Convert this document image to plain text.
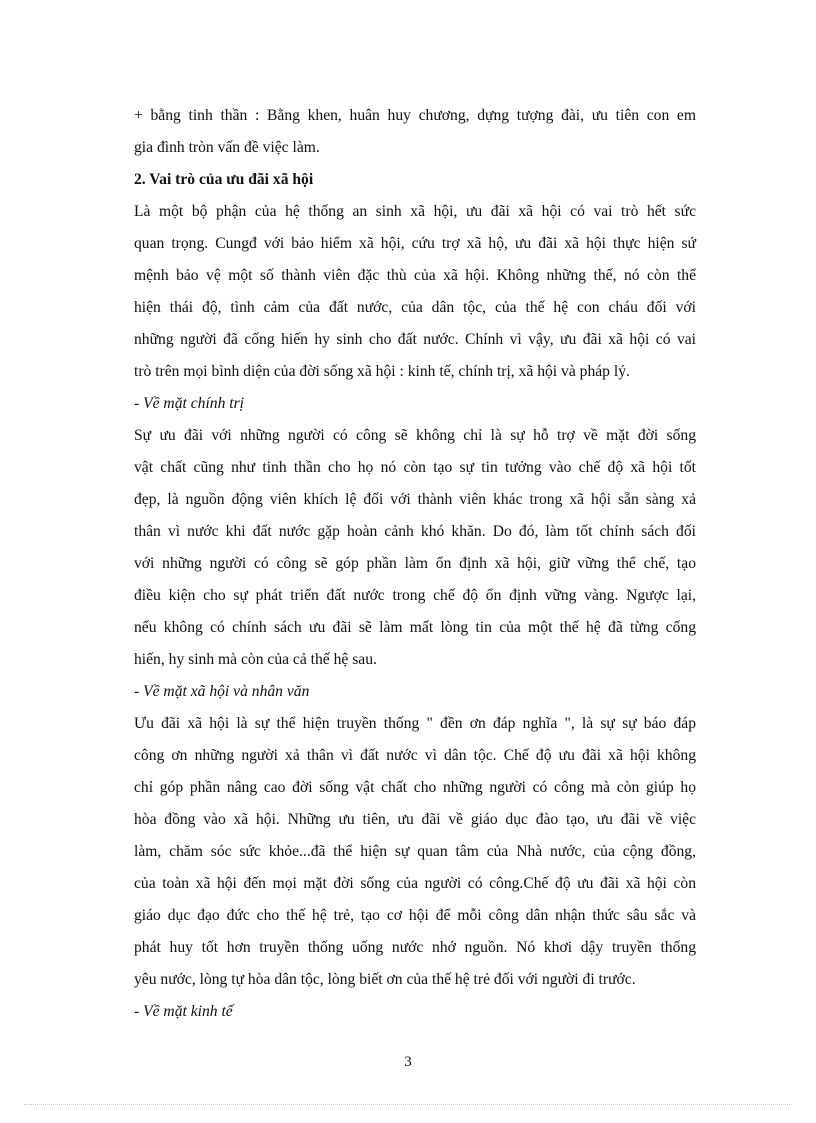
+ bằng tinh thần : Bằng khen, huân huy chương, dựng tượng đài, ưu tiên con em
gia đình tròn vấn đề việc làm.
2. Vai trò của ưu đãi xã hội
Là một bộ phận của hệ thống an sinh xã hội, ưu đãi xã hội có vai trò hết sức
quan trọng. Cungđ với bảo hiểm xã hội, cứu trợ xã hộ, ưu đãi xã hội thực hiện sứ
mệnh bảo vệ một số thành viên đặc thù của xã hội. Không những thế, nó còn thể
hiện thái độ, tình cảm của đất nước, của dân tộc, của thế hệ con cháu đối với
những người đã cống hiến hy sinh cho đất nước. Chính vì vậy, ưu đãi xã hội có vai
trò trên mọi bình diện của đời sống xã hội : kinh tế, chính trị, xã hội và pháp lý.
- Về mặt chính trị
Sự ưu đãi với những người có công sẽ không chỉ là sự hỗ trợ về mặt đời sống
vật chất cũng như tinh thần cho họ nó còn tạo sự tin tưởng vào chế độ xã hội tốt
đẹp, là nguồn động viên khích lệ đối với thành viên khác trong xã hội sẵn sàng xả
thân vì nước khi đất nước gặp hoàn cảnh khó khăn. Do đó, làm tốt chính sách đối
với những người có công sẽ góp phần làm ổn định xã hội, giữ vững thể chế, tạo
điều kiện cho sự phát triển đất nước trong chế độ ổn định vững vàng. Ngược lại,
nếu không có chính sách ưu đãi sẽ làm mất lòng tin của một thế hệ đã từng cống
hiến, hy sinh mà còn của cả thế hệ sau.
- Về mặt xã hội và nhân văn
Ưu đãi xã hội là sự thể hiện truyền thống " đền ơn đáp nghĩa ", là sự sự báo đáp
công ơn những người xả thân vì đất nước vì dân tộc. Chế độ ưu đãi xã hội không
chỉ góp phần nâng cao đời sống vật chất cho những người có công mà còn giúp họ
hòa đồng vào xã hội. Những ưu tiên, ưu đãi về giáo dục đào tạo, ưu đãi về việc
làm, chăm sóc sức khỏe...đã thể hiện sự quan tâm của Nhà nước, của cộng đồng,
của toàn xã hội đến mọi mặt đời sống của người có công.Chế độ ưu đãi xã hội còn
giáo dục đạo đức cho thế hệ trẻ, tạo cơ hội để mỗi công dân nhận thức sâu sắc và
phát huy tốt hơn truyền thống uống nước nhớ nguồn. Nó khơi dậy truyền thống
yêu nước, lòng tự hòa dân tộc, lòng biết ơn của thế hệ trẻ đối với người đi trước.
- Về mặt kinh tế
3
